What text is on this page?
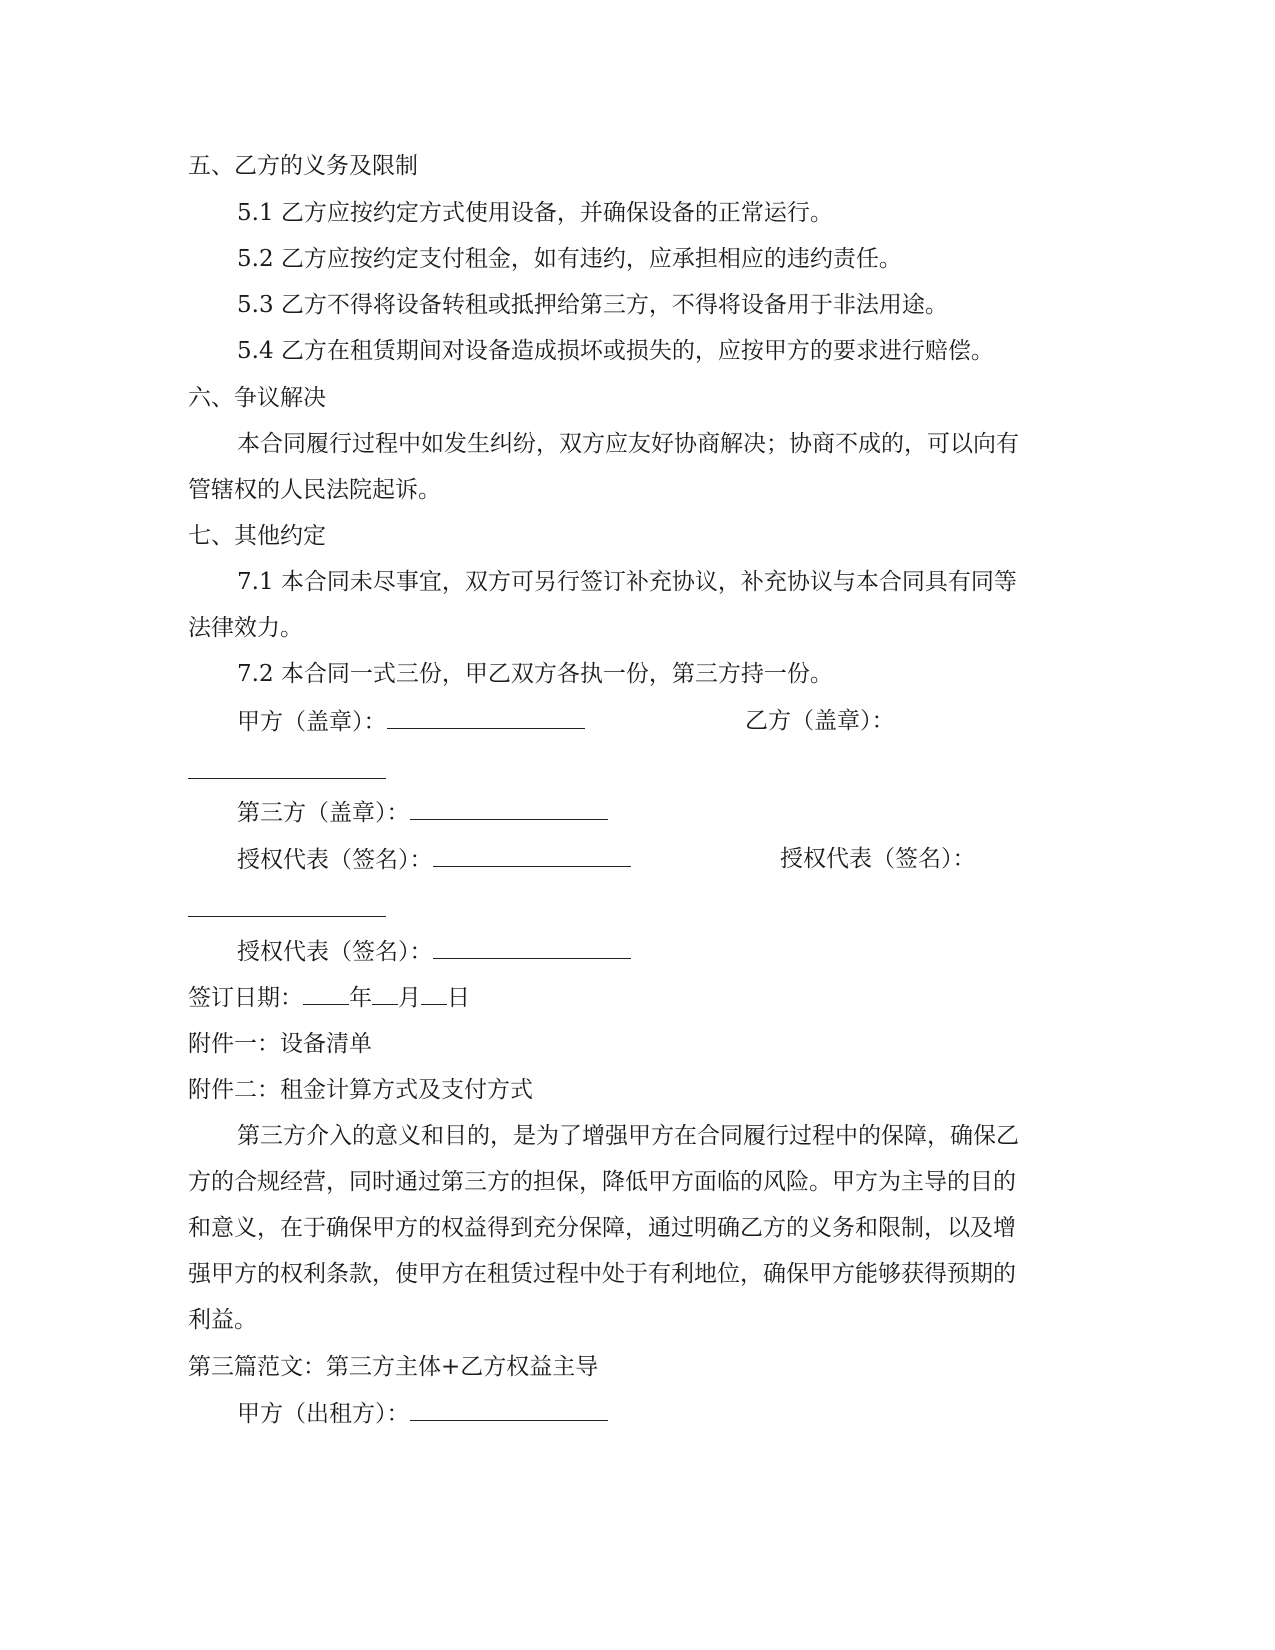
五、乙方的义务及限制
5.1 乙方应按约定方式使用设备，并确保设备的正常运行。
5.2 乙方应按约定支付租金，如有违约，应承担相应的违约责任。
5.3 乙方不得将设备转租或抵押给第三方，不得将设备用于非法用途。
5.4 乙方在租赁期间对设备造成损坏或损失的，应按甲方的要求进行赔偿。
六、争议解决
本合同履行过程中如发生纠纷，双方应友好协商解决；协商不成的，可以向有
管辖权的人民法院起诉。
七、其他约定
7.1 本合同未尽事宜，双方可另行签订补充协议，补充协议与本合同具有同等
法律效力。
7.2 本合同一式三份，甲乙双方各执一份，第三方持一份。
甲方（盖章）：	乙方（盖章）：
第三方（盖章）：
授权代表（签名）：	授权代表（签名）：
授权代表（签名）：
签订日期： 年 月 日
附件一：设备清单
附件二：租金计算方式及支付方式
第三方介入的意义和目的，是为了增强甲方在合同履行过程中的保障，确保乙
方的合规经营，同时通过第三方的担保，降低甲方面临的风险。甲方为主导的目的
和意义，在于确保甲方的权益得到充分保障，通过明确乙方的义务和限制，以及增
强甲方的权利条款，使甲方在租赁过程中处于有利地位，确保甲方能够获得预期的
利益。
第三篇范文：第三方主体+乙方权益主导
甲方（出租方）：
